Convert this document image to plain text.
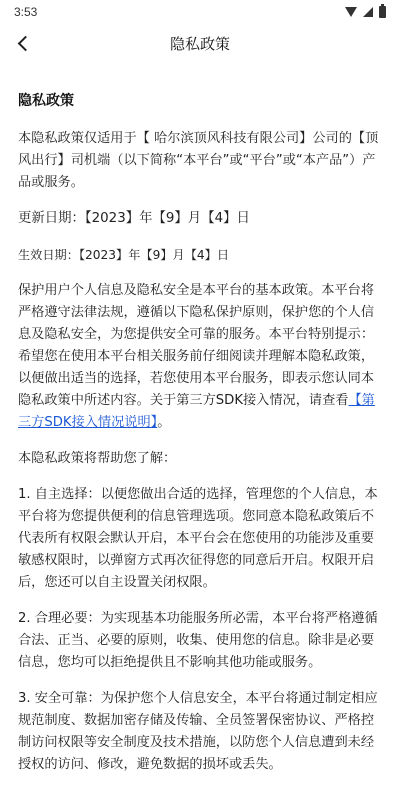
3:53
隐私政策
隐私政策

本隐私政策仅适用于【 哈尔滨顶风科技有限公司】公司的【顶风出行】司机端（以下简称“本平台”或“平台”或“本产品”）产品或服务。

更新日期：【2023】年【9】月【4】日

生效日期：【2023】年【9】月【4】日

保护用户个人信息及隐私安全是本平台的基本政策。本平台将严格遵守法律法规，遵循以下隐私保护原则，保护您的个人信息及隐私安全，为您提供安全可靠的服务。本平台特别提示：希望您在使用本平台相关服务前仔细阅读并理解本隐私政策，以便做出适当的选择，若您使用本平台服务，即表示您认同本隐私政策中所述内容。关于第三方SDK接入情况，请查看【第三方SDK接入情况说明】。

本隐私政策将帮助您了解：

1. 自主选择：以便您做出合适的选择，管理您的个人信息，本平台将为您提供便利的信息管理选项。您同意本隐私政策后不代表所有权限会默认开启，本平台会在您使用的功能涉及重要敏感权限时，以弹窗方式再次征得您的同意后开启。权限开启后，您还可以自主设置关闭权限。

2. 合理必要：为实现基本功能服务所必需，本平台将严格遵循合法、正当、必要的原则，收集、使用您的信息。除非是必要信息，您均可以拒绝提供且不影响其他功能或服务。

3. 安全可靠：为保护您个人信息安全，本平台将通过制定相应规范制度、数据加密存储及传输、全员签署保密协议、严格控制访问权限等安全制度及技术措施，以防您个人信息遭到未经授权的访问、修改，避免数据的损坏或丢失。
